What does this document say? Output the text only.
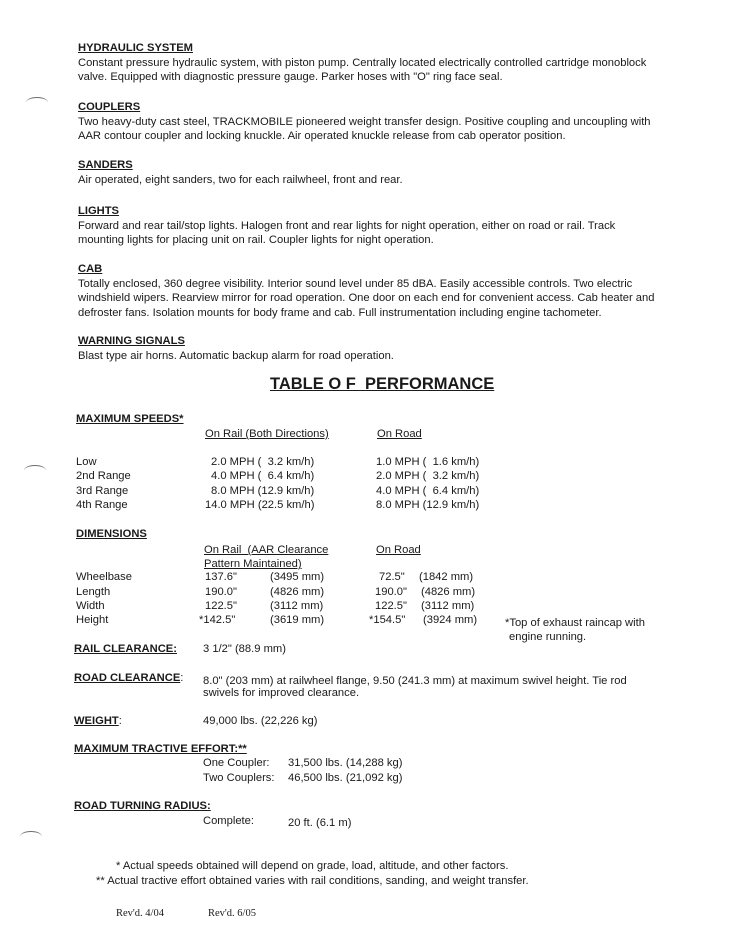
HYDRAULIC SYSTEM

Constant pressure hydraulic system, with piston pump. Centrally located electrically controlled cartridge monoblock

valve. Equipped with diagnostic pressure gauge. Parker hoses with "O" ring face seal.

COUPLERS

Two heavy-duty cast steel, TRACKMOBILE pioneered weight transfer design. Positive coupling and uncoupling with

AAR contour coupler and locking knuckle. Air operated knuckle release from cab operator position.

SANDERS

Air operated, eight sanders, two for each railwheel, front and rear.

LIGHTS

Forward and rear tail/stop lights. Halogen front and rear lights for night operation, either on road or rail. Track

mounting lights for placing unit on rail. Coupler lights for night operation.

CAB

Totally enclosed, 360 degree visibility. Interior sound level under 85 dBA. Easily accessible controls. Two electric

windshield wipers. Rearview mirror for road operation. One door on each end for convenient access. Cab heater and

defroster fans. Isolation mounts for body frame and cab. Full instrumentation including engine tachometer.

WARNING SIGNALS

Blast type air horns. Automatic backup alarm for road operation.

TABLE O F  PERFORMANCE
MAXIMUM SPEEDS*
On Rail (Both Directions)	On Road
Low	2.0 MPH (  3.2 km/h)	1.0 MPH (  1.6 km/h)
2nd Range	4.0 MPH (  6.4 km/h)	2.0 MPH (  3.2 km/h)
3rd Range	8.0 MPH (12.9 km/h)	4.0 MPH (  6.4 km/h)
4th Range	14.0 MPH (22.5 km/h)	8.0 MPH (12.9 km/h)
DIMENSIONS
On Rail  (AAR Clearance
Pattern Maintained)
On Road
Wheelbase	137.6"	(3495 mm)	72.5" (1842 mm)
Length	190.0"	(4826 mm)	190.0" (4826 mm)
Width	122.5"	(3112 mm)	122.5" (3112 mm)
Height	*142.5"	(3619 mm)	*154.5" (3924 mm) *Top of exhaust raincap with
engine running.
RAIL CLEARANCE: 3 1/2" (88.9 mm)
ROAD CLEARANCE: 8.0" (203 mm) at railwheel flange, 9.50 (241.3 mm) at maximum swivel height. Tie rod
swivels for improved clearance.
WEIGHT:	49,000 lbs. (22,226 kg)
MAXIMUM TRACTIVE EFFORT:**
One Coupler: 31,500 lbs. (14,288 kg)
Two Couplers: 46,500 lbs. (21,092 kg)
ROAD TURNING RADIUS:
Complete:	20 ft. (6.1 m)
* Actual speeds obtained will depend on grade, load, altitude, and other factors.
** Actual tractive effort obtained varies with rail conditions, sanding, and weight transfer.
Rev'd. 4/04	Rev'd. 6/05
